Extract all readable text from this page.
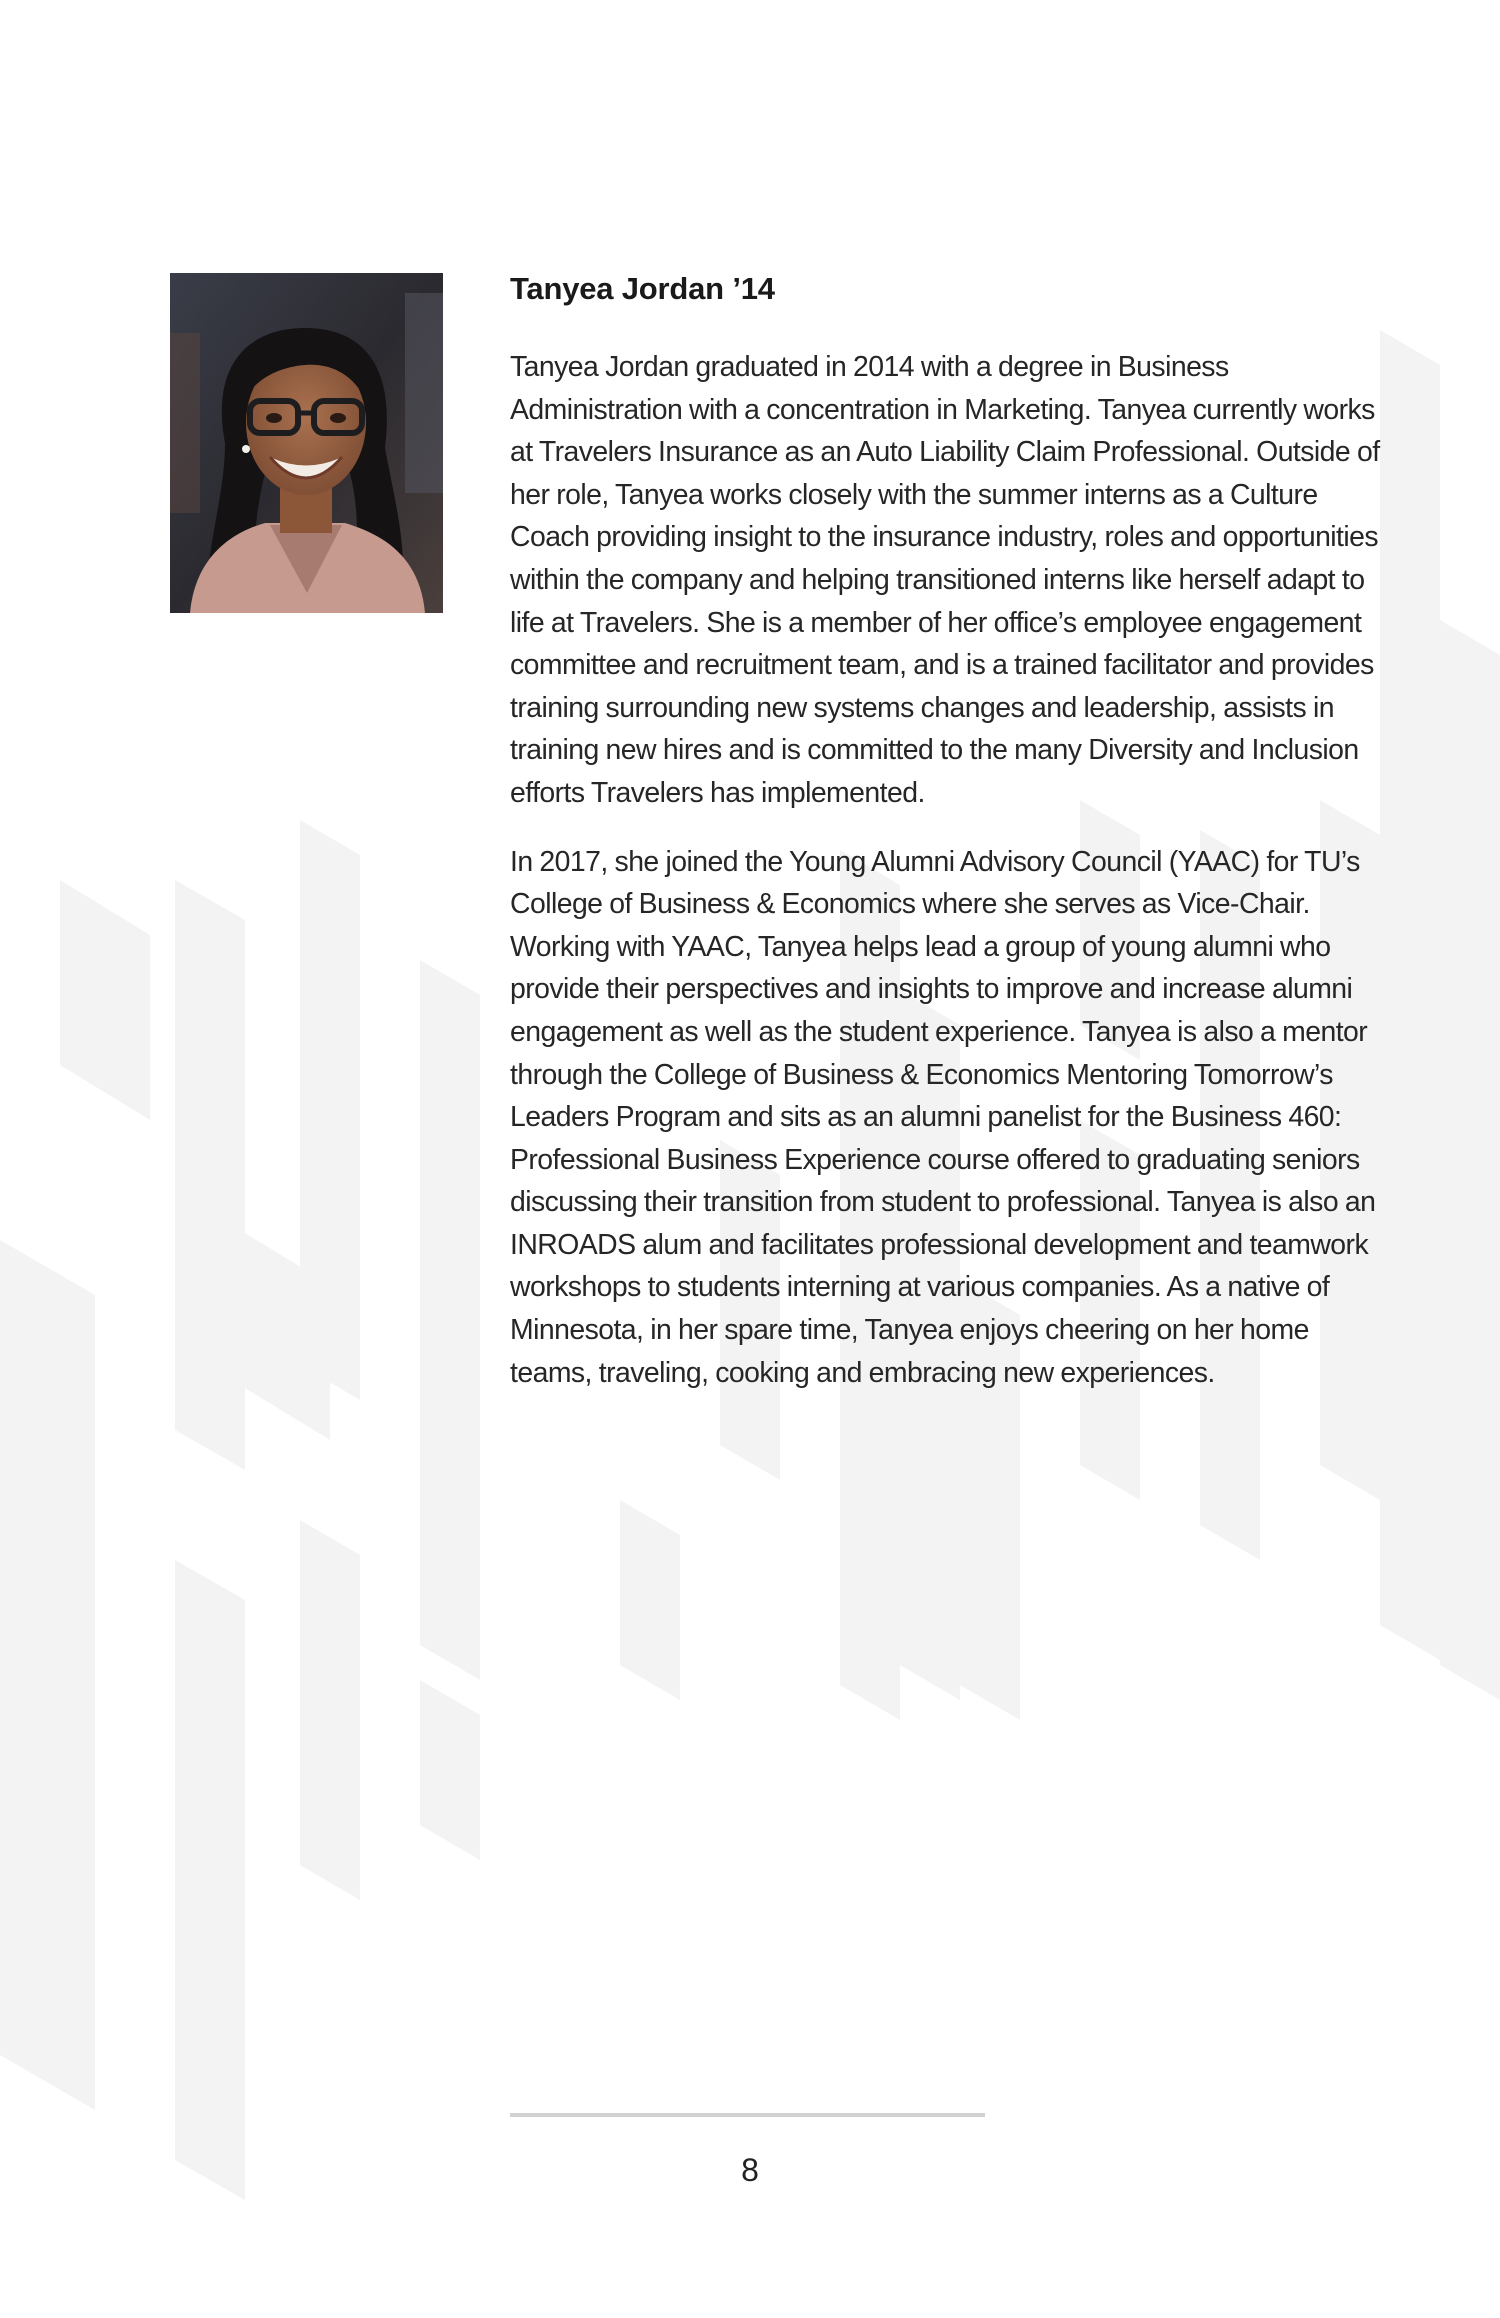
Tanyea Jordan ’14

Tanyea Jordan graduated in 2014 with a degree in Business Administration with a concentration in Marketing. Tanyea currently works at Travelers Insurance as an Auto Liability Claim Professional. Outside of her role, Tanyea works closely with the summer interns as a Culture Coach providing insight to the insurance industry, roles and opportunities within the company and helping transitioned interns like herself adapt to life at Travelers. She is a member of her office’s employee engagement committee and recruitment team, and is a trained facilitator and provides training surrounding new systems changes and leadership, assists in training new hires and is committed to the many Diversity and Inclusion efforts Travelers has implemented.

In 2017, she joined the Young Alumni Advisory Council (YAAC) for TU’s College of Business & Economics where she serves as Vice-Chair. Working with YAAC, Tanyea helps lead a group of young alumni who provide their perspectives and insights to improve and increase alumni engagement as well as the student experience. Tanyea is also a mentor through the College of Business & Economics Mentoring Tomorrow’s Leaders Program and sits as an alumni panelist for the Business 460: Professional Business Experience course offered to graduating seniors discussing their transition from student to professional. Tanyea is also an INROADS alum and facilitates professional development and teamwork workshops to students interning at various companies. As a native of Minnesota, in her spare time, Tanyea enjoys cheering on her home teams, traveling, cooking and embracing new experiences.

8
